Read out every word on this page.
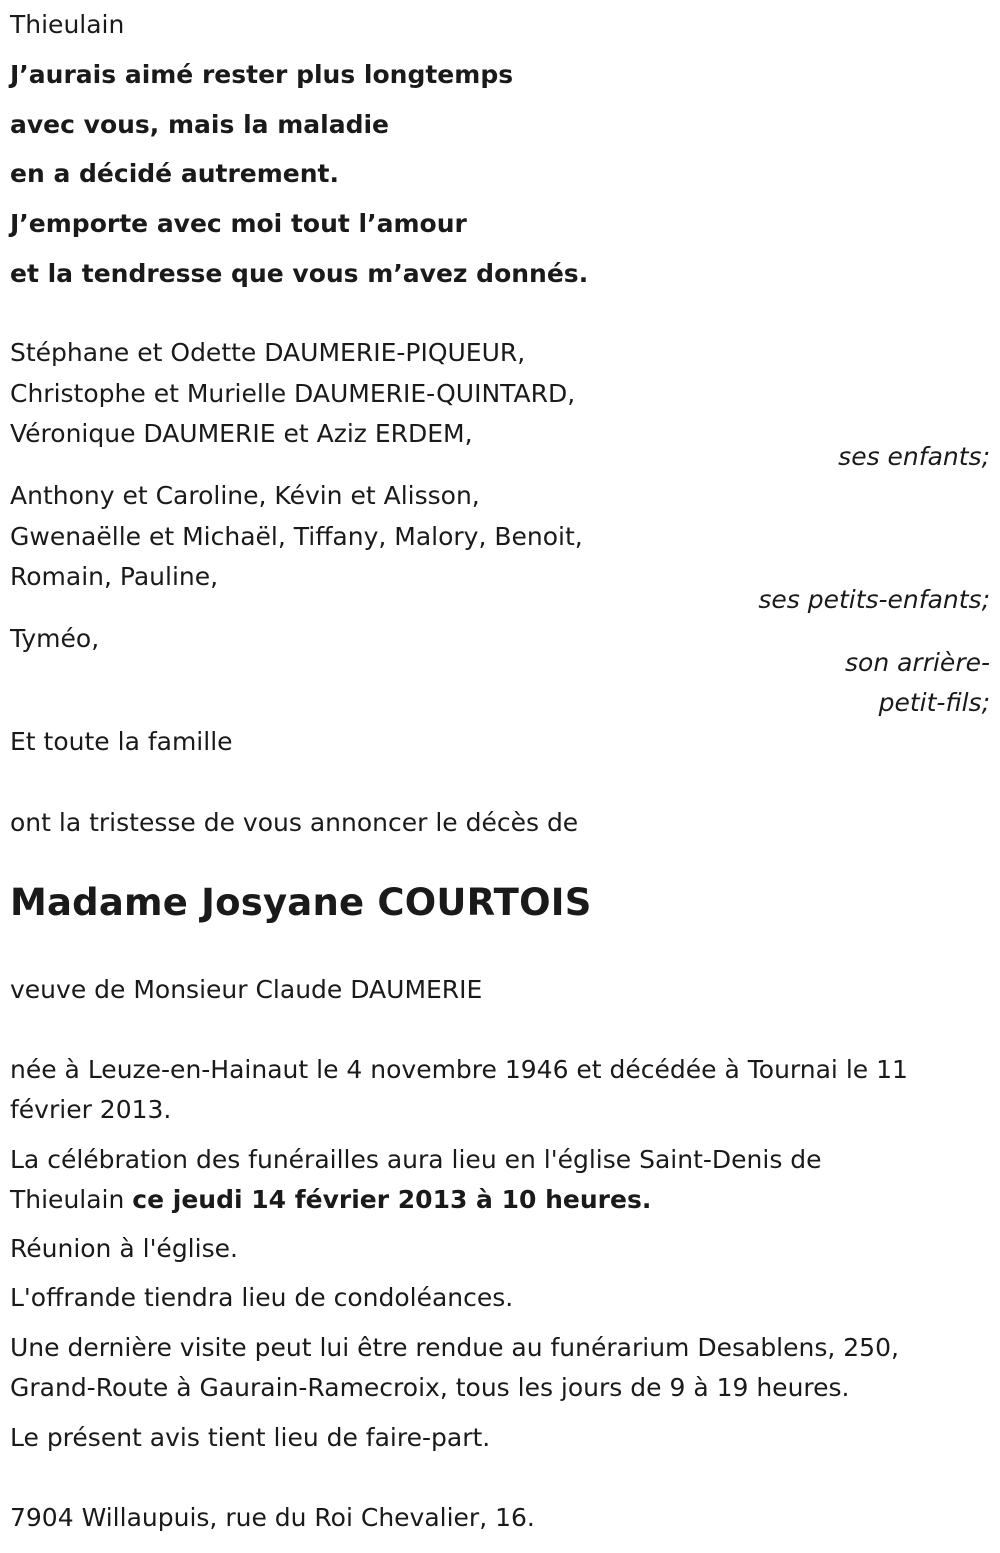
Thieulain
J’aurais aimé rester plus longtemps
avec vous, mais la maladie
en a décidé autrement.
J’emporte avec moi tout l’amour
et la tendresse que vous m’avez donnés.
Stéphane et Odette DAUMERIE-PIQUEUR,
Christophe et Murielle DAUMERIE-QUINTARD,
Véronique DAUMERIE et Aziz ERDEM,
ses enfants;
Anthony et Caroline, Kévin et Alisson,
Gwenaëlle et Michaël, Tiffany, Malory, Benoit,
Romain, Pauline,
ses petits-enfants;
Tyméo,
son arrière-
petit-fils;
Et toute la famille
ont la tristesse de vous annoncer le décès de
Madame Josyane COURTOIS
veuve de Monsieur Claude DAUMERIE
née à Leuze-en-Hainaut le 4 novembre 1946 et décédée à Tournai le 11
février 2013.
La célébration des funérailles aura lieu en l'église Saint-Denis de
Thieulain ce jeudi 14 février 2013 à 10 heures.
Réunion à l'église.
L'offrande tiendra lieu de condoléances.
Une dernière visite peut lui être rendue au funérarium Desablens, 250,
Grand-Route à Gaurain-Ramecroix, tous les jours de 9 à 19 heures.
Le présent avis tient lieu de faire-part.
7904 Willaupuis, rue du Roi Chevalier, 16.
